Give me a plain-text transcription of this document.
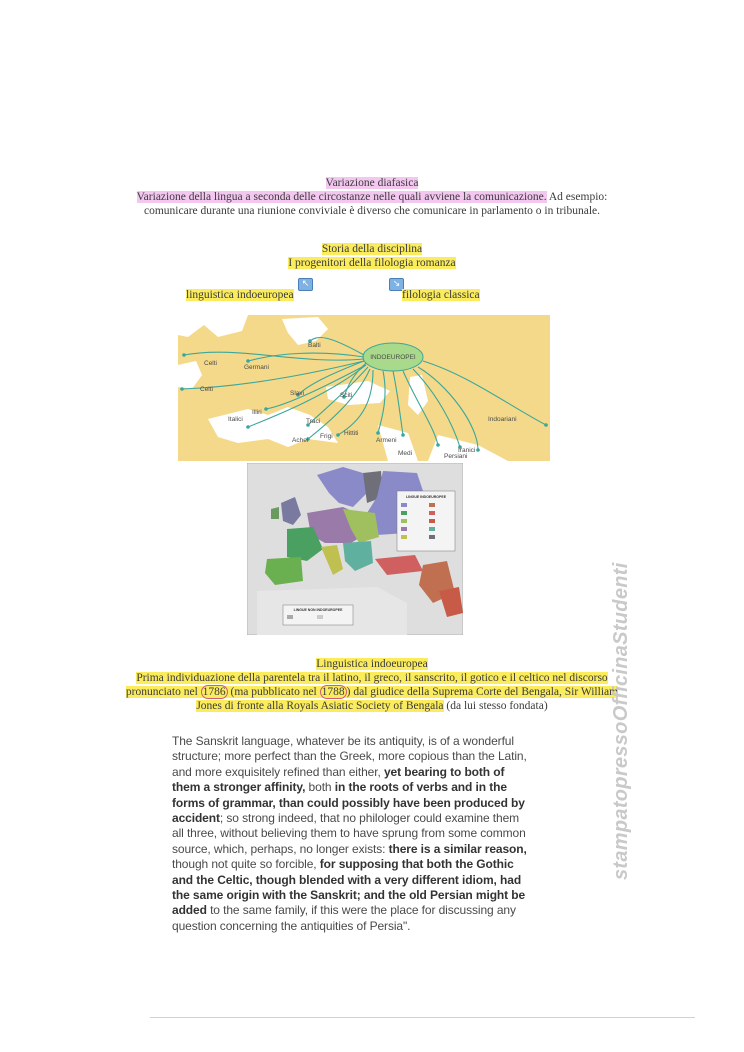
Variazione diafasica
Variazione della lingua a seconda delle circostanze nelle quali avviene la comunicazione. Ad esempio:
comunicare durante una riunione conviviale è diverso che comunicare in parlamento o in tribunale.
Storia della disciplina
I progenitori della filologia romanza
↖	↘
linguistica indoeuropea	filologia classica
INDOEUROPEI
Balti
Celti
Germani
Celti
Slavi	Sciti
Illiri
Italici	Traci
Achei
Frigi Hittiti
Armeni
Medi	Iranici
Persiani
Indoariani
LINGUE INDOEUROPEE
LINGUE NON INDOEUROPEE
Linguistica indoeuropea
Prima individuazione della parentela tra il latino, il greco, il sanscrito, il gotico e il celtico nel discorso
pronunciato nel 1786 (ma pubblicato nel 1788 ) dal giudice della Suprema Corte del Bengala, Sir William
Jones di fronte alla Royals Asiatic Society of Bengala (da lui stesso fondata)
The Sanskrit language, whatever be its antiquity, is of a wonderful
structure; more perfect than the Greek, more copious than the Latin,
and more exquisitely refined than either, yet bearing to both of
them a stronger affinity, both in the roots of verbs and in the
forms of grammar, than could possibly have been produced by
accident; so strong indeed, that no philologer could examine them
all three, without believing them to have sprung from some common
source, which, perhaps, no longer exists: there is a similar reason,
though not quite so forcible, for supposing that both the Gothic
and the Celtic, though blended with a very different idiom, had
the same origin with the Sanskrit; and the old Persian might be
added to the same family, if this were the place for discussing any
question concerning the antiquities of Persia".
stampatopressoOfficinaStudenti
